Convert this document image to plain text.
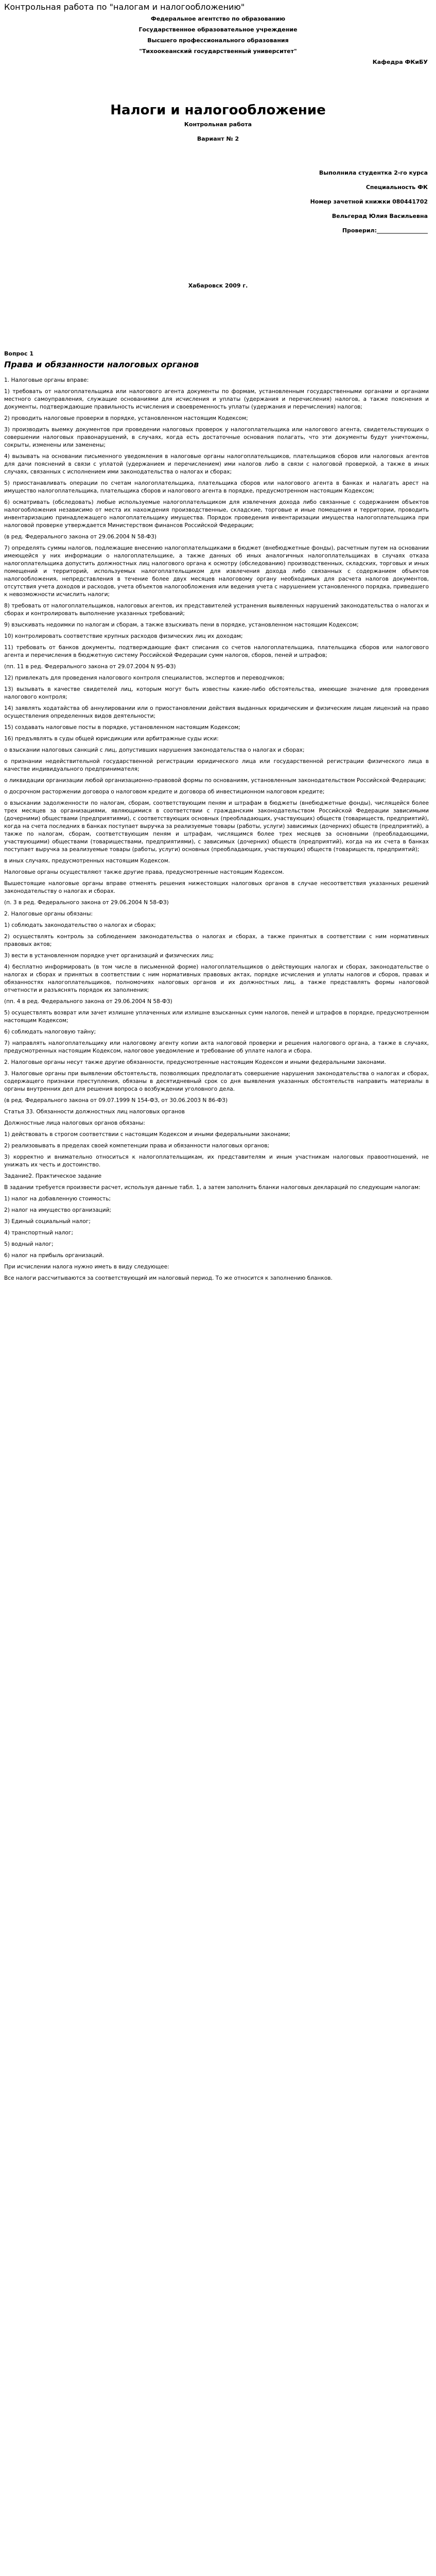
Контрольная работа по "налогам и налогообложению"
Федеральное агентство по образованию
Государственное образовательное учреждение
Высшего профессионального образования
"Тихоокеанский государственный университет"
Кафедра ФКиБУ
Налоги и налогообложение
Контрольная работа
Вариант № 2
Выполнила студентка 2-го курса
Специальность ФК
Номер зачетной книжки 080441702
Вельгерад Юлия Васильевна
Проверил:__________________
Хабаровск 2009 г.
Вопрос 1
Права и обязанности налоговых органов

1. Налоговые органы вправе:

1) требовать от налогоплательщика или налогового агента документы по формам, установленным государственными органами и органами местного самоуправления, служащие основаниями для исчисления и уплаты (удержания и перечисления) налогов, а также пояснения и документы, подтверждающие правильность исчисления и своевременность уплаты (удержания и перечисления) налогов;

2) проводить налоговые проверки в порядке, установленном настоящим Кодексом;

3) производить выемку документов при проведении налоговых проверок у налогоплательщика или налогового агента, свидетельствующих о совершении налоговых правонарушений, в случаях, когда есть достаточные основания полагать, что эти документы будут уничтожены, сокрыты, изменены или заменены;

4) вызывать на основании письменного уведомления в налоговые органы налогоплательщиков, плательщиков сборов или налоговых агентов для дачи пояснений в связи с уплатой (удержанием и перечислением) ими налогов либо в связи с налоговой проверкой, а также в иных случаях, связанных с исполнением ими законодательства о налогах и сборах;

5) приостанавливать операции по счетам налогоплательщика, плательщика сборов или налогового агента в банках и налагать арест на имущество налогоплательщика, плательщика сборов и налогового агента в порядке, предусмотренном настоящим Кодексом;

6) осматривать (обследовать) любые используемые налогоплательщиком для извлечения дохода либо связанные с содержанием объектов налогообложения независимо от места их нахождения производственные, складские, торговые и иные помещения и территории, проводить инвентаризацию принадлежащего налогоплательщику имущества. Порядок проведения инвентаризации имущества налогоплательщика при налоговой проверке утверждается Министерством финансов Российской Федерации;

(в ред. Федерального закона от 29.06.2004 N 58-ФЗ)

7) определять суммы налогов, подлежащие внесению налогоплательщиками в бюджет (внебюджетные фонды), расчетным путем на основании имеющейся у них информации о налогоплательщике, а также данных об иных аналогичных налогоплательщиках в случаях отказа налогоплательщика допустить должностных лиц налогового органа к осмотру (обследованию) производственных, складских, торговых и иных помещений и территорий, используемых налогоплательщиком для извлечения дохода либо связанных с содержанием объектов налогообложения, непредставления в течение более двух месяцев налоговому органу необходимых для расчета налогов документов, отсутствия учета доходов и расходов, учета объектов налогообложения или ведения учета с нарушением установленного порядка, приведшего к невозможности исчислить налоги;

8) требовать от налогоплательщиков, налоговых агентов, их представителей устранения выявленных нарушений законодательства о налогах и сборах и контролировать выполнение указанных требований;

9) взыскивать недоимки по налогам и сборам, а также взыскивать пени в порядке, установленном настоящим Кодексом;

10) контролировать соответствие крупных расходов физических лиц их доходам;

11) требовать от банков документы, подтверждающие факт списания со счетов налогоплательщика, плательщика сборов или налогового агента и перечисления в бюджетную систему Российской Федерации сумм налогов, сборов, пеней и штрафов;

(пп. 11 в ред. Федерального закона от 29.07.2004 N 95-ФЗ)

12) привлекать для проведения налогового контроля специалистов, экспертов и переводчиков;

13) вызывать в качестве свидетелей лиц, которым могут быть известны какие-либо обстоятельства, имеющие значение для проведения налогового контроля;

14) заявлять ходатайства об аннулировании или о приостановлении действия выданных юридическим и физическим лицам лицензий на право осуществления определенных видов деятельности;

15) создавать налоговые посты в порядке, установленном настоящим Кодексом;

16) предъявлять в суды общей юрисдикции или арбитражные суды иски:

о взыскании налоговых санкций с лиц, допустивших нарушения законодательства о налогах и сборах;

о признании недействительной государственной регистрации юридического лица или государственной регистрации физического лица в качестве индивидуального предпринимателя;

о ликвидации организации любой организационно-правовой формы по основаниям, установленным законодательством Российской Федерации;

о досрочном расторжении договора о налоговом кредите и договора об инвестиционном налоговом кредите;

о взыскании задолженности по налогам, сборам, соответствующим пеням и штрафам в бюджеты (внебюджетные фонды), числящейся более трех месяцев за организациями, являющимися в соответствии с гражданским законодательством Российской Федерации зависимыми (дочерними) обществами (предприятиями), с соответствующих основных (преобладающих, участвующих) обществ (товариществ, предприятий), когда на счета последних в банках поступает выручка за реализуемые товары (работы, услуги) зависимых (дочерних) обществ (предприятий), а также по налогам, сборам, соответствующим пеням и штрафам, числящимся более трех месяцев за основными (преобладающими, участвующими) обществами (товариществами, предприятиями), с зависимых (дочерних) обществ (предприятий), когда на их счета в банках поступает выручка за реализуемые товары (работы, услуги) основных (преобладающих, участвующих) обществ (товариществ, предприятий);

в иных случаях, предусмотренных настоящим Кодексом.

Налоговые органы осуществляют также другие права, предусмотренные настоящим Кодексом.

Вышестоящие налоговые органы вправе отменять решения нижестоящих налоговых органов в случае несоответствия указанных решений законодательству о налогах и сборах.

(п. 3 в ред. Федерального закона от 29.06.2004 N 58-ФЗ)

2. Налоговые органы обязаны:

1) соблюдать законодательство о налогах и сборах;

2) осуществлять контроль за соблюдением законодательства о налогах и сборах, а также принятых в соответствии с ним нормативных правовых актов;

3) вести в установленном порядке учет организаций и физических лиц;

4) бесплатно информировать (в том числе в письменной форме) налогоплательщиков о действующих налогах и сборах, законодательстве о налогах и сборах и принятых в соответствии с ним нормативных правовых актах, порядке исчисления и уплаты налогов и сборов, правах и обязанностях налогоплательщиков, полномочиях налоговых органов и их должностных лиц, а также представлять формы налоговой отчетности и разъяснять порядок их заполнения;

(пп. 4 в ред. Федерального закона от 29.06.2004 N 58-ФЗ)

5) осуществлять возврат или зачет излишне уплаченных или излишне взысканных сумм налогов, пеней и штрафов в порядке, предусмотренном настоящим Кодексом;

6) соблюдать налоговую тайну;

7) направлять налогоплательщику или налоговому агенту копии акта налоговой проверки и решения налогового органа, а также в случаях, предусмотренных настоящим Кодексом, налоговое уведомление и требование об уплате налога и сбора.

2. Налоговые органы несут также другие обязанности, предусмотренные настоящим Кодексом и иными федеральными законами.

3. Налоговые органы при выявлении обстоятельств, позволяющих предполагать совершение нарушения законодательства о налогах и сборах, содержащего признаки преступления, обязаны в десятидневный срок со дня выявления указанных обстоятельств направить материалы в органы внутренних дел для решения вопроса о возбуждении уголовного дела.

(в ред. Федерального закона от 09.07.1999 N 154-ФЗ, от 30.06.2003 N 86-ФЗ)

Статья 33. Обязанности должностных лиц налоговых органов

Должностные лица налоговых органов обязаны:

1) действовать в строгом соответствии с настоящим Кодексом и иными федеральными законами;

2) реализовывать в пределах своей компетенции права и обязанности налоговых органов;

3) корректно и внимательно относиться к налогоплательщикам, их представителям и иным участникам налоговых правоотношений, не унижать их честь и достоинство.

Задание2. Практическое задание

В задании требуется произвести расчет, используя данные табл. 1, а затем заполнить бланки налоговых деклараций по следующим налогам:

1) налог на добавленную стоимость;

2) налог на имущество организаций;

3) Единый социальный налог;

4) транспортный налог;

5) водный налог;

6) налог на прибыль организаций.

При исчислении налога нужно иметь в виду следующее:

Все налоги рассчитываются за соответствующий им налоговый период. То же относится к заполнению бланков.
